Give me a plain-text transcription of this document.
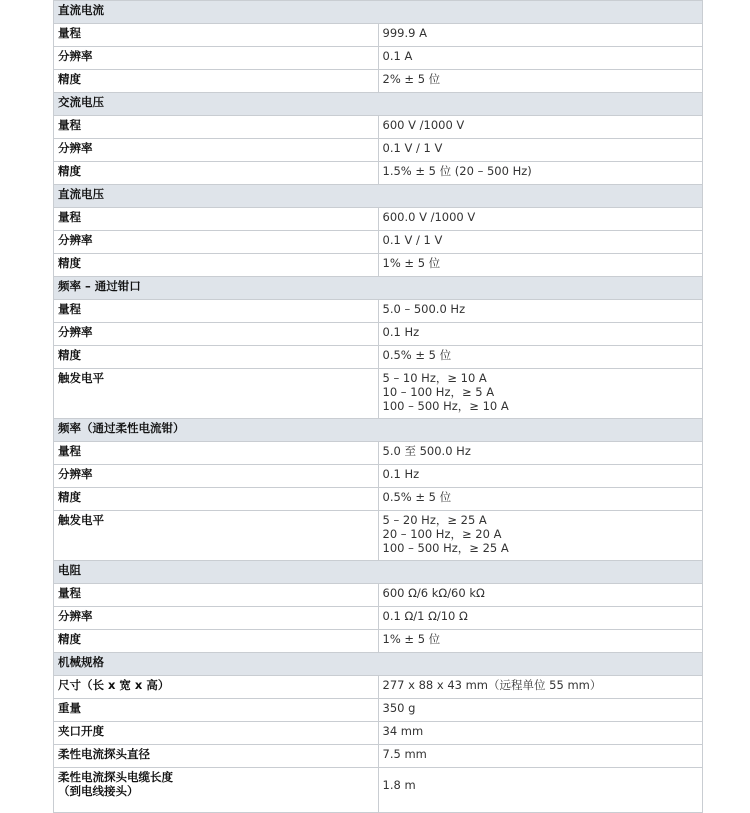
直流电流	
量程	999.9 A

分辨率	0.1 A

精度	2% ± 5 位

交流电压	
量程	600 V /1000 V

分辨率	0.1 V / 1 V

精度	1.5% ± 5 位 (20 – 500 Hz)

直流电压	
量程	600.0 V /1000 V

分辨率	0.1 V / 1 V

精度	1% ± 5 位

频率 – 通过钳口	
量程	5.0 – 500.0 Hz

分辨率	0.1 Hz

精度	0.5% ± 5 位

触发电平	5 – 10 Hz，≥ 10 A
10 – 100 Hz，≥ 5 A
100 – 500 Hz，≥ 10 A

频率（通过柔性电流钳）	
量程	5.0 至 500.0 Hz

分辨率	0.1 Hz

精度	0.5% ± 5 位

触发电平	5 – 20 Hz，≥ 25 A
20 – 100 Hz，≥ 20 A
100 – 500 Hz，≥ 25 A

电阻	
量程	600 Ω/6 kΩ/60 kΩ

分辨率	0.1 Ω/1 Ω/10 Ω

精度	1% ± 5 位

机械规格	
尺寸（长 x 宽 x 高）	277 x 88 x 43 mm（远程单位 55 mm）

重量	350 g

夹口开度	34 mm

柔性电流探头直径	7.5 mm

柔性电流探头电缆长度
（到电线接头）	1.8 m
